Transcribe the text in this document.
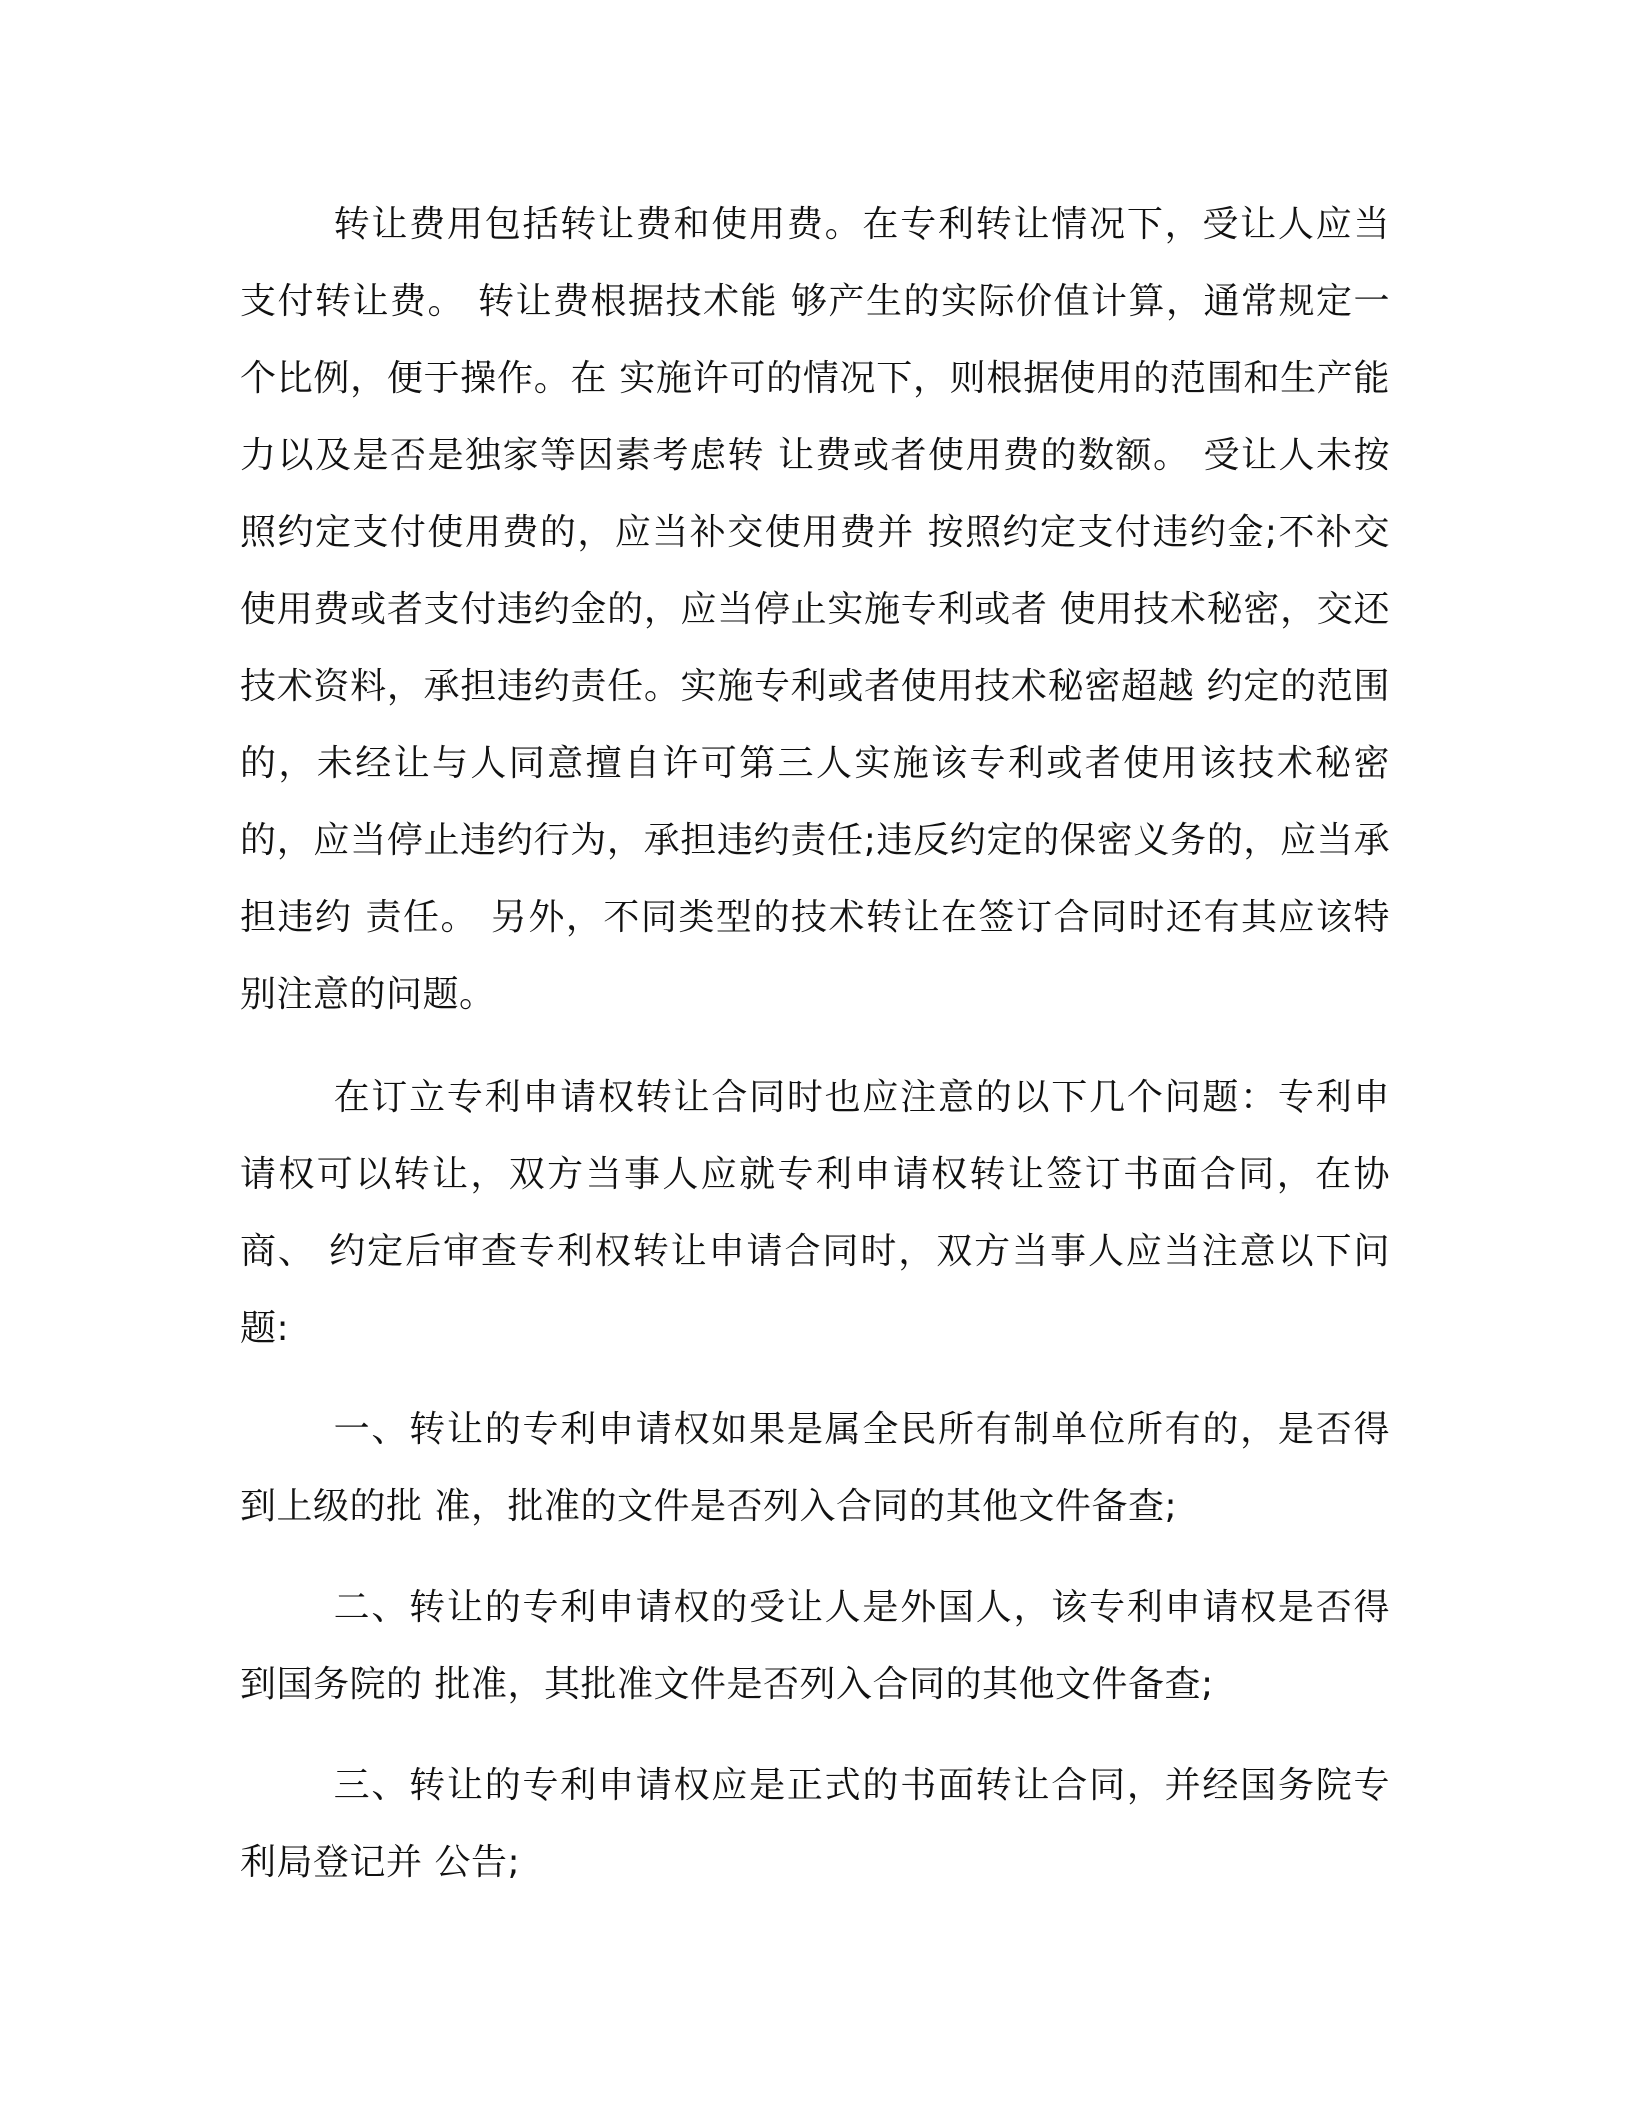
转让费用包括转让费和使用费。在专利转让情况下，受让人应当支付转让费。 转让费根据技术能 够产生的实际价值计算，通常规定一个比例，便于操作。在 实施许可的情况下，则根据使用的范围和生产能力以及是否是独家等因素考虑转 让费或者使用费的数额。 受让人未按照约定支付使用费的，应当补交使用费并 按照约定支付违约金;不补交使用费或者支付违约金的，应当停止实施专利或者 使用技术秘密，交还技术资料，承担违约责任。实施专利或者使用技术秘密超越 约定的范围的，未经让与人同意擅自许可第三人实施该专利或者使用该技术秘密 的，应当停止违约行为，承担违约责任;违反约定的保密义务的，应当承担违约 责任。 另外，不同类型的技术转让在签订合同时还有其应该特别注意的问题。

在订立专利申请权转让合同时也应注意的以下几个问题：专利申请权可以转让，双方当事人应就专利申请权转让签订书面合同，在协商、 约定后审查专利权转让申请合同时，双方当事人应当注意以下问题:

一、转让的专利申请权如果是属全民所有制单位所有的，是否得到上级的批 准，批准的文件是否列入合同的其他文件备查;

二、转让的专利申请权的受让人是外国人，该专利申请权是否得到国务院的 批准，其批准文件是否列入合同的其他文件备查;

三、转让的专利申请权应是正式的书面转让合同，并经国务院专利局登记并 公告;
